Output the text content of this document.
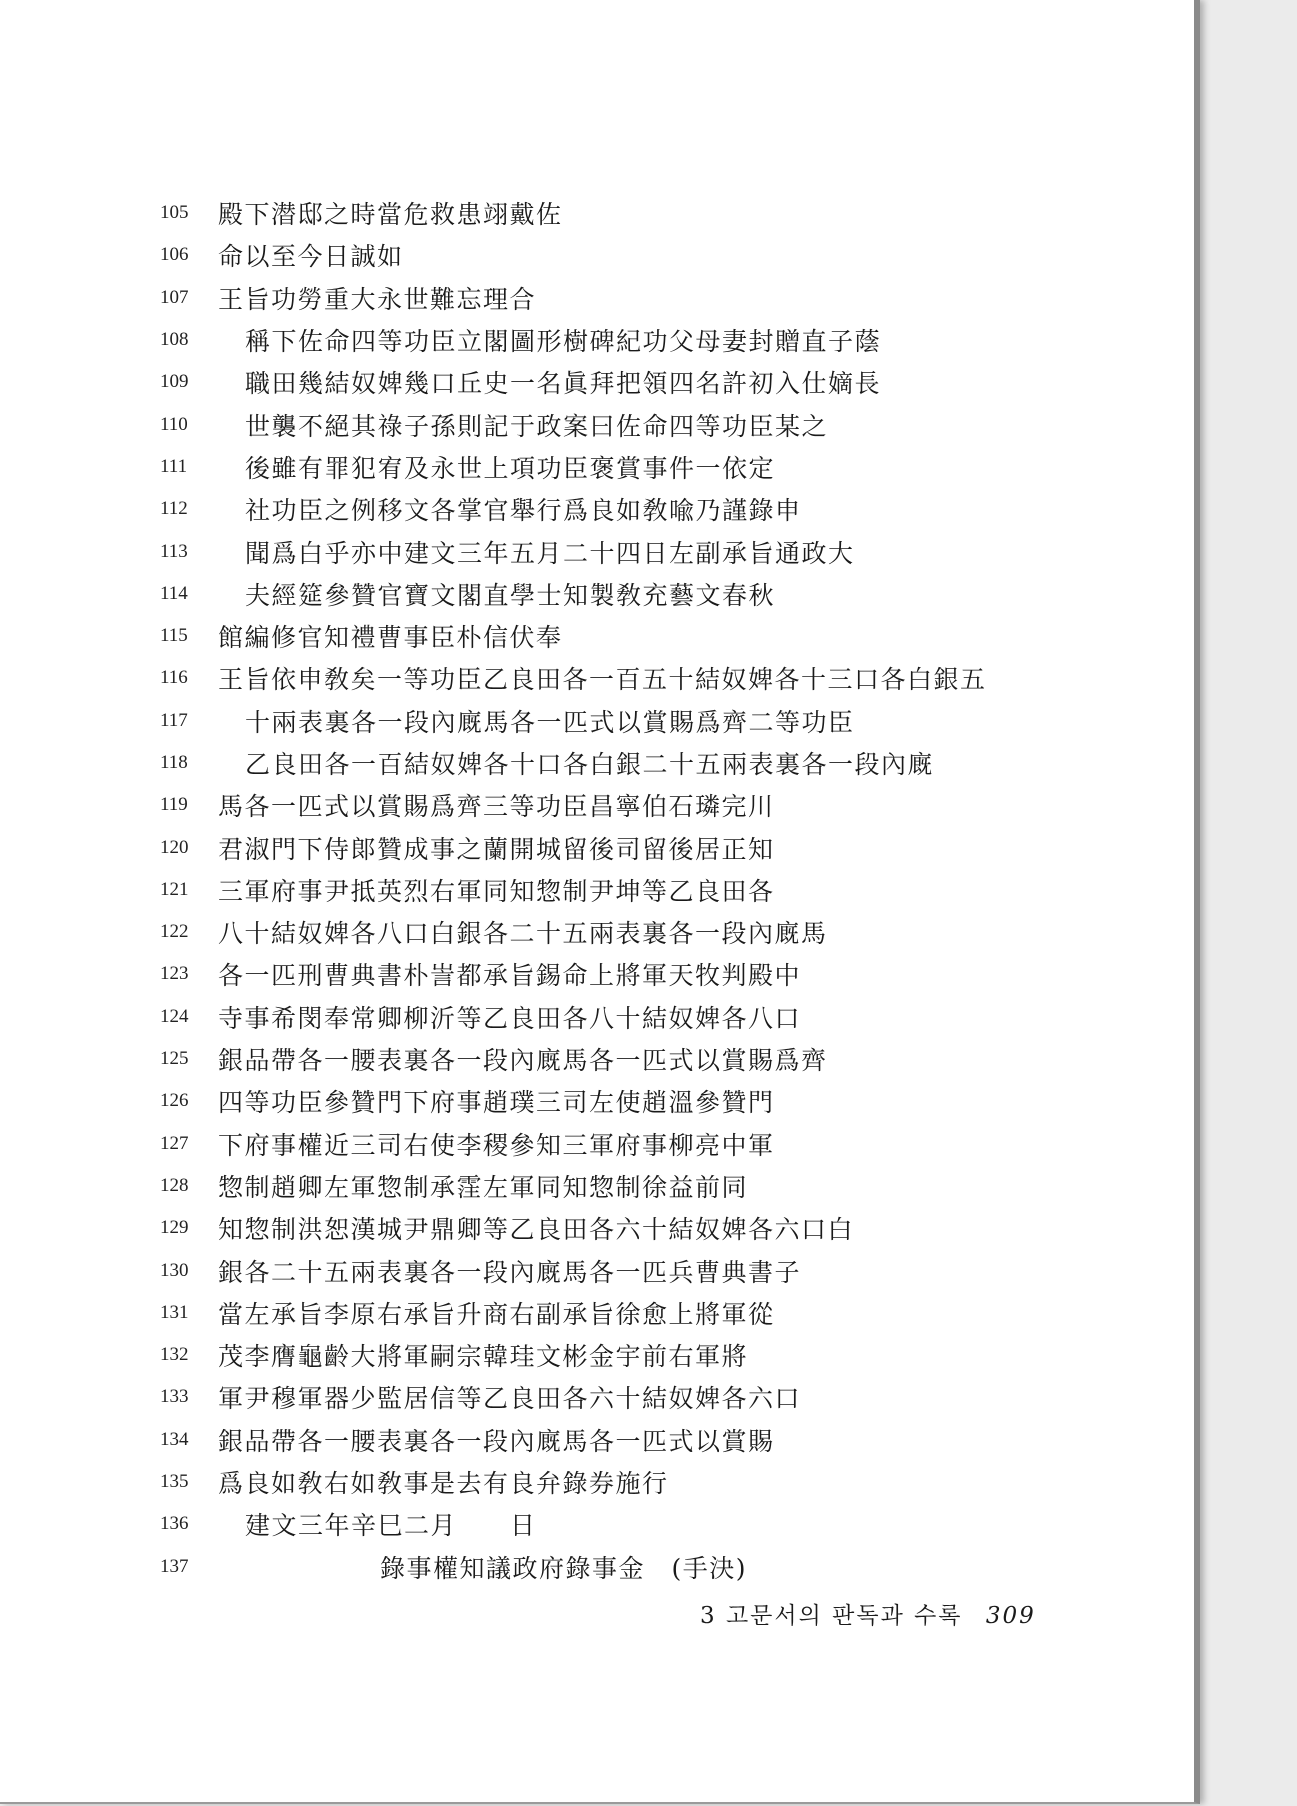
105	殿下潜邸之時當危救患翊戴佐
106	命以至今日誠如
107	王旨功勞重大永世難忘理合
108	稱下佐命四等功臣立閣圖形樹碑紀功父母妻封贈直子蔭
109	職田幾結奴婢幾口丘史一名眞拜把領四名許初入仕嫡長
110	世襲不絕其祿子孫則記于政案曰佐命四等功臣某之
111	後雖有罪犯宥及永世上項功臣褒賞事件一依定
112	社功臣之例移文各掌官舉行爲良如敎喩乃謹錄申
113	聞爲白乎亦中建文三年五月二十四日左副承旨通政大
114	夫經筵參贊官寶文閣直學士知製敎充藝文春秋
115	館編修官知禮曹事臣朴信伏奉
116	王旨依申敎矣一等功臣乙良田各一百五十結奴婢各十三口各白銀五
117	十兩表裏各一段內廐馬各一匹式以賞賜爲齊二等功臣
118	乙良田各一百結奴婢各十口各白銀二十五兩表裏各一段內廐
119	馬各一匹式以賞賜爲齊三等功臣昌寧伯石璘完川
120	君淑門下侍郞贊成事之蘭開城留後司留後居正知
121	三軍府事尹抵英烈右軍同知惣制尹坤等乙良田各
122	八十結奴婢各八口白銀各二十五兩表裏各一段內廐馬
123	各一匹刑曹典書朴訔都承旨錫命上將軍天牧判殿中
124	寺事希閔奉常卿柳沂等乙良田各八十結奴婢各八口
125	銀品帶各一腰表裏各一段內廐馬各一匹式以賞賜爲齊
126	四等功臣參贊門下府事趙璞三司左使趙溫參贊門
127	下府事權近三司右使李稷參知三軍府事柳亮中軍
128	惣制趙卿左軍惣制承霔左軍同知惣制徐益前同
129	知惣制洪恕漢城尹鼎卿等乙良田各六十結奴婢各六口白
130	銀各二十五兩表裏各一段內廐馬各一匹兵曹典書子
131	當左承旨李原右承旨升商右副承旨徐愈上將軍從
132	茂李膺龜齡大將軍嗣宗韓珪文彬金宇前右軍將
133	軍尹穆軍器少監居信等乙良田各六十結奴婢各六口
134	銀品帶各一腰表裏各一段內廐馬各一匹式以賞賜
135	爲良如敎右如敎事是去有良弁錄券施行
136	建文三年辛巳二月　　日
137	錄事權知議政府錄事金　(手決)
3 고문서의 판독과 수록 309
